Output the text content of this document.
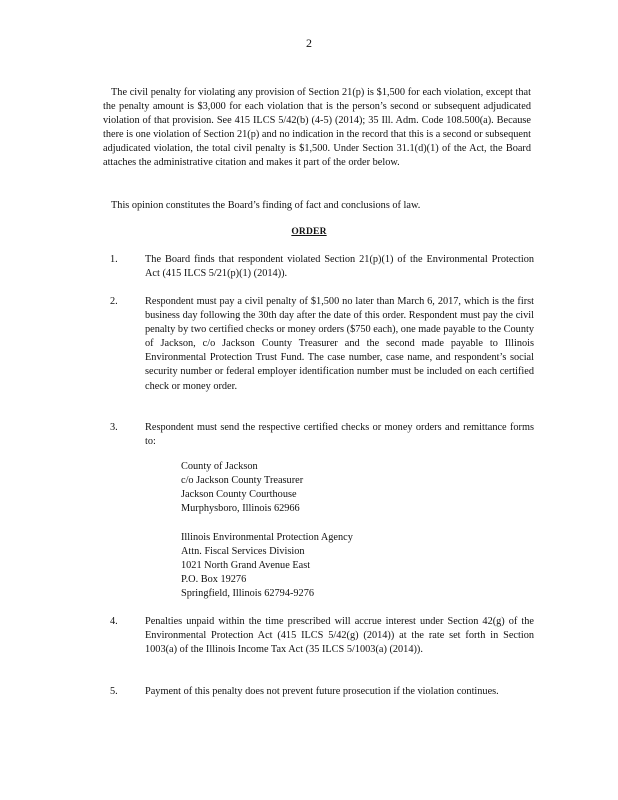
2

The civil penalty for violating any provision of Section 21(p) is $1,500 for each violation, except that the penalty amount is $3,000 for each violation that is the person’s second or subsequent adjudicated violation of that provision. See 415 ILCS 5/42(b) (4-5) (2014); 35 Ill. Adm. Code 108.500(a). Because there is one violation of Section 21(p) and no indication in the record that this is a second or subsequent adjudicated violation, the total civil penalty is $1,500. Under Section 31.1(d)(1) of the Act, the Board attaches the administrative citation and makes it part of the order below.

This opinion constitutes the Board’s finding of fact and conclusions of law.

ORDER
1.	The Board finds that respondent violated Section 21(p)(1) of the Environmental Protection Act (415 ILCS 5/21(p)(1) (2014)).
2.	Respondent must pay a civil penalty of $1,500 no later than March 6, 2017, which is the first business day following the 30th day after the date of this order. Respondent must pay the civil penalty by two certified checks or money orders ($750 each), one made payable to the County of Jackson, c/o Jackson County Treasurer and the second made payable to Illinois Environmental Protection Trust Fund. The case number, case name, and respondent’s social security number or federal employer identification number must be included on each certified check or money order.
3.	Respondent must send the respective certified checks or money orders and remittance forms to:
County of Jackson
c/o Jackson County Treasurer
Jackson County Courthouse
Murphysboro, Illinois 62966
Illinois Environmental Protection Agency
Attn. Fiscal Services Division
1021 North Grand Avenue East
P.O. Box 19276
Springfield, Illinois 62794-9276
4.	Penalties unpaid within the time prescribed will accrue interest under Section 42(g) of the Environmental Protection Act (415 ILCS 5/42(g) (2014)) at the rate set forth in Section 1003(a) of the Illinois Income Tax Act (35 ILCS 5/1003(a) (2014)).
5.	Payment of this penalty does not prevent future prosecution if the violation continues.
